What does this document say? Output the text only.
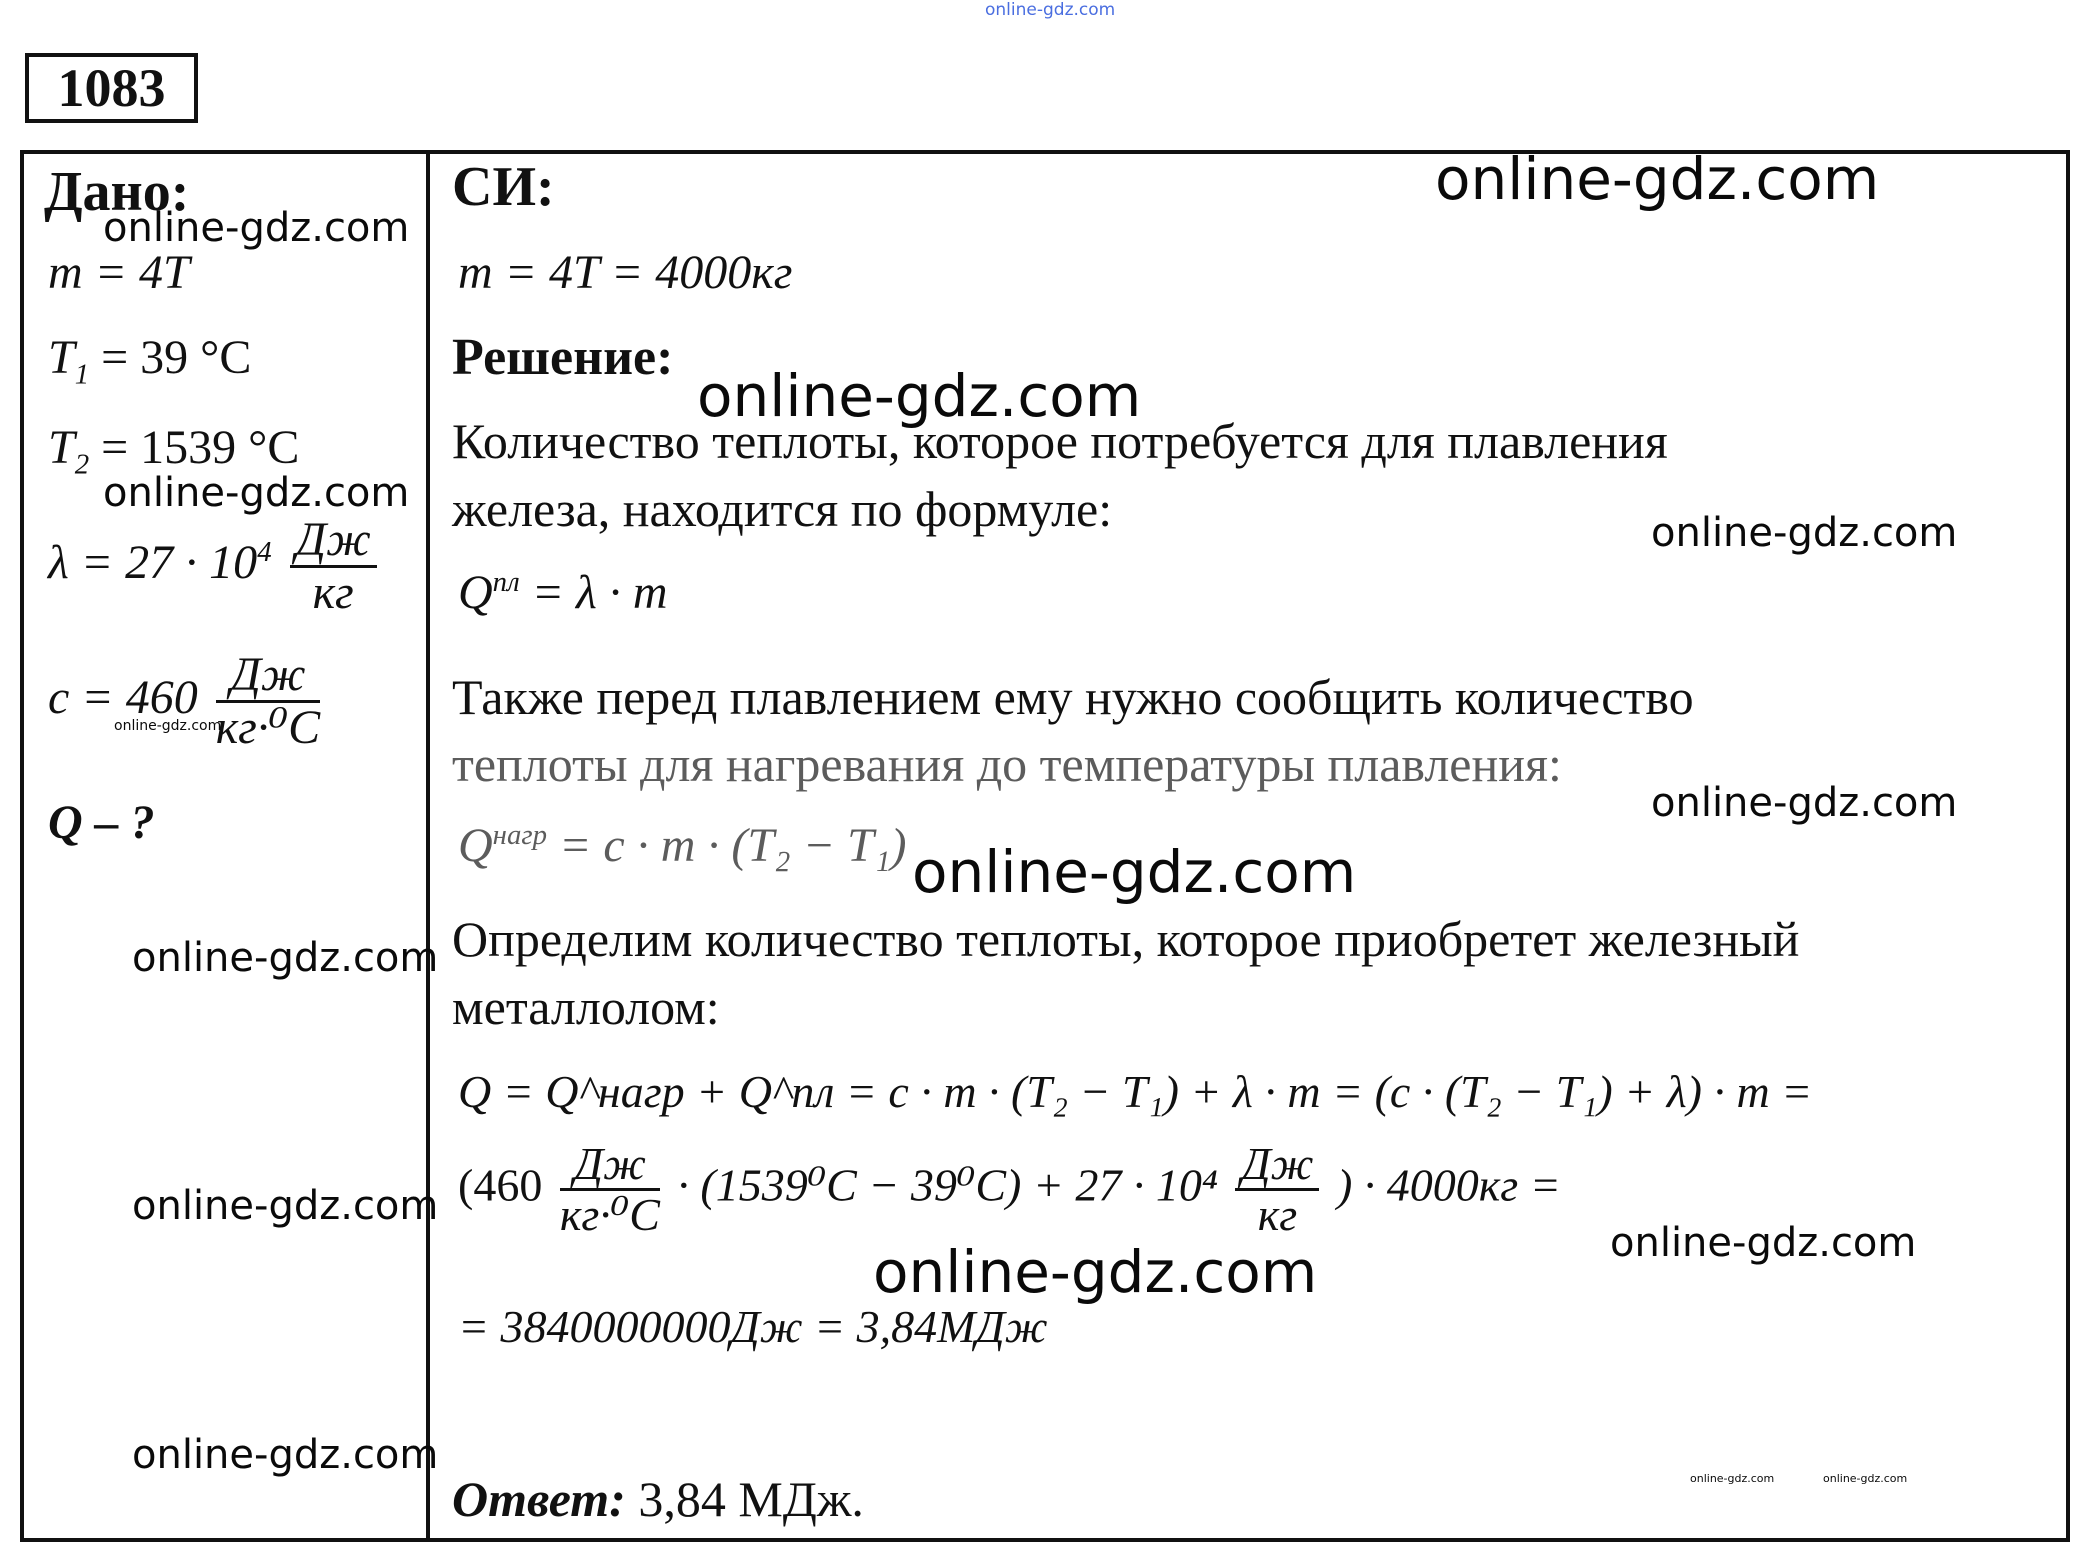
online-gdz.com
1083
Дано:
m = 4T
$T_1 = 39$ °C
$T_2 = 1539$ °C
$\lambda = 27 \cdot 10^4 \frac{Дж}{кг}$
$c = 460 \frac{Дж}{\text{кг·⁰C}}$
Q – ?
СИ:
m = 4T = 4000кг
Решение:
Количество теплоты, которое потребуется для плавления
железа, находится по формуле:
$Q^{пл} = \lambda \cdot m$
Также перед плавлением ему нужно сообщить количество
теплоты для нагревания до температуры плавления:
$Q^{нагр} = c \cdot m \cdot (T_2 - T_1)$
Определим количество теплоты, которое приобретет железный
металлолом:
Q = Q^нагр + Q^пл = c · m · (T₂ − T₁) + λ · m = (c · (T₂ − T₁) + λ) · m =
($460 \frac{Дж}{\text{кг·⁰C}} \cdot (1539^0C - 39^0C) + 27 \cdot 10^4 \frac{Дж}{кг}$ ) · 4000кг =
= 3840000000Дж = 3,84МДж
Ответ: 3,84 МДж.
online-gdz.com
online-gdz.com
online-gdz.com
online-gdz.com
online-gdz.com
online-gdz.com
online-gdz.com
online-gdz.com
online-gdz.com
online-gdz.com
online-gdz.com
online-gdz.com
online-gdz.com
online-gdz.com	online-gdz.com
